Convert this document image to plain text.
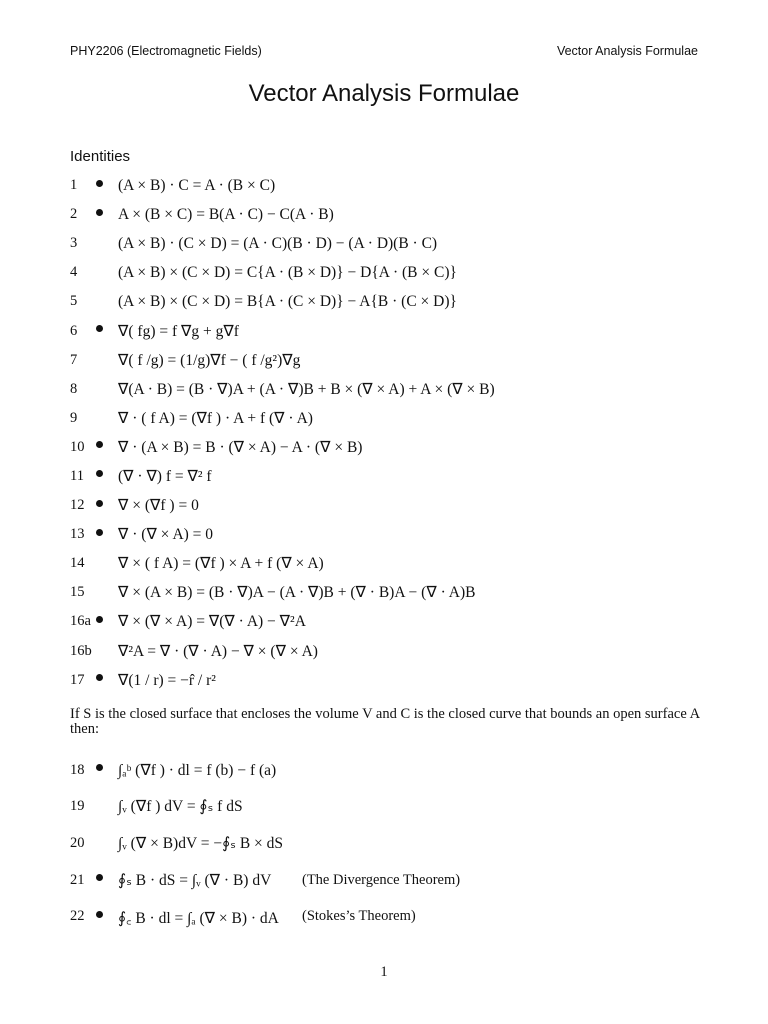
PHY2206 (Electromagnetic Fields)	Vector Analysis Formulae
Vector Analysis Formulae
Identities
1	(A × B) · C = A · (B × C)
2	A × (B × C) = B(A · C) − C(A · B)
3	(A × B) · (C × D) = (A · C)(B · D) − (A · D)(B · C)
4	(A × B) × (C × D) = C{A · (B × D)} − D{A · (B × C)}
5	(A × B) × (C × D) = B{A · (C × D)} − A{B · (C × D)}
6	∇( fg) = f ∇g + g∇f
7	∇( f /g) = (1/g)∇f − ( f /g²)∇g
8	∇(A · B) = (B · ∇)A + (A · ∇)B + B × (∇ × A) + A × (∇ × B)
9	∇ · ( f A) = (∇f ) · A + f (∇ · A)
10	∇ · (A × B) = B · (∇ × A) − A · (∇ × B)
11	(∇ · ∇) f = ∇² f
12	∇ × (∇f ) = 0
13	∇ · (∇ × A) = 0
14	∇ × ( f A) = (∇f ) × A + f (∇ × A)
15	∇ × (A × B) = (B · ∇)A − (A · ∇)B + (∇ · B)A − (∇ · A)B
16a	∇ × (∇ × A) = ∇(∇ · A) − ∇²A
16b	∇²A = ∇ · (∇ · A) − ∇ × (∇ × A)
17	∇(1 / r) = −r̂ / r²
If S is the closed surface that encloses the volume V and C is the closed curve that bounds an open surface A then:
18	∫ₐᵇ (∇f ) · dl = f (b) − f (a)
19	∫ᵥ (∇f ) dV = ∮ₛ f dS
20	∫ᵥ (∇ × B)dV = −∮ₛ B × dS
21	∮ₛ B · dS = ∫ᵥ (∇ · B) dV (The Divergence Theorem)
22	∮꜀ B · dl = ∫ₐ (∇ × B) · dA (Stokes’s Theorem)
1
